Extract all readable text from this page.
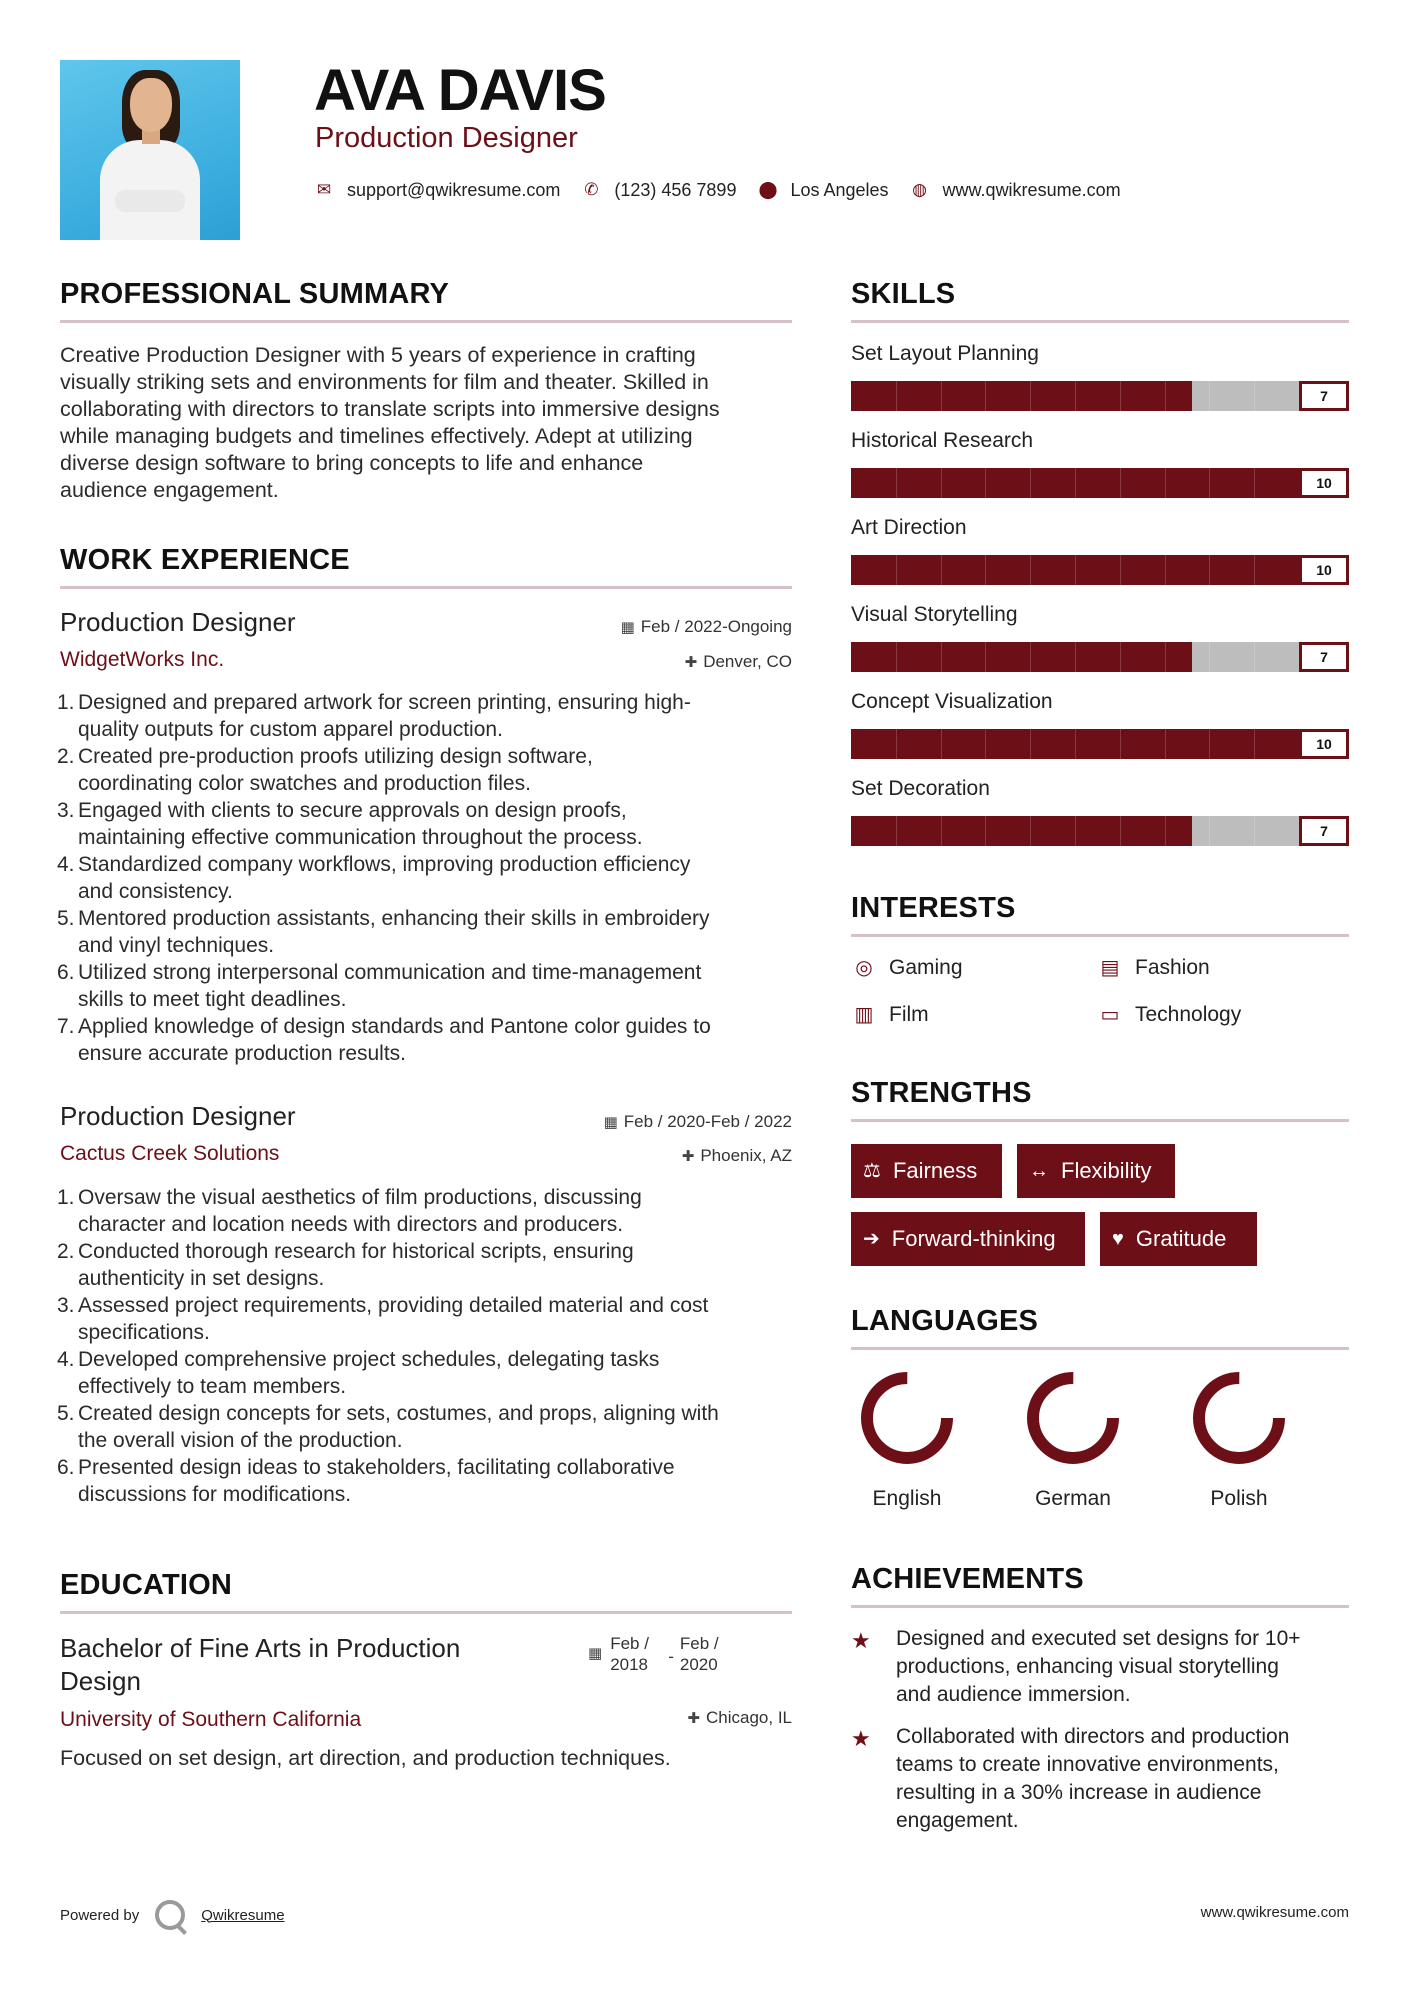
AVA DAVIS
Production Designer
✉ support@qwikresume.com ✆ (123) 456 7899 ⬤ Los Angeles ◍ www.qwikresume.com
PROFESSIONAL SUMMARY
Creative Production Designer with 5 years of experience in crafting
visually striking sets and environments for film and theater. Skilled in
collaborating with directors to translate scripts into immersive designs
while managing budgets and timelines effectively. Adept at utilizing
diverse design software to bring concepts to life and enhance
audience engagement.
WORK EXPERIENCE
Production Designer	▦ Feb / 2022-Ongoing
WidgetWorks Inc.	✚ Denver, CO
1. Designed and prepared artwork for screen printing, ensuring high-
quality outputs for custom apparel production.
2. Created pre-production proofs utilizing design software,
coordinating color swatches and production files.
3. Engaged with clients to secure approvals on design proofs,
maintaining effective communication throughout the process.
4. Standardized company workflows, improving production efficiency
and consistency.
5. Mentored production assistants, enhancing their skills in embroidery
and vinyl techniques.
6. Utilized strong interpersonal communication and time-management
skills to meet tight deadlines.
7. Applied knowledge of design standards and Pantone color guides to
ensure accurate production results.
Production Designer	▦ Feb / 2020-Feb / 2022
Cactus Creek Solutions	✚ Phoenix, AZ
1. Oversaw the visual aesthetics of film productions, discussing
character and location needs with directors and producers.
2. Conducted thorough research for historical scripts, ensuring
authenticity in set designs.
3. Assessed project requirements, providing detailed material and cost
specifications.
4. Developed comprehensive project schedules, delegating tasks
effectively to team members.
5. Created design concepts for sets, costumes, and props, aligning with
the overall vision of the production.
6. Presented design ideas to stakeholders, facilitating collaborative
discussions for modifications.
EDUCATION
Bachelor of Fine Arts in Production
Design
▦
Feb /
2018	-
Feb /
2020
University of Southern California	✚ Chicago, IL
Focused on set design, art direction, and production techniques.
SKILLS
Set Layout Planning
7
Historical Research
10
Art Direction
10
Visual Storytelling
7
Concept Visualization
10
Set Decoration
7
INTERESTS
◎ Gaming	▤ Fashion
▥ Film	▭ Technology
STRENGTHS
⚖ Fairness	↔ Flexibility
➔ Forward-thinking	♥ Gratitude
LANGUAGES
English	German	Polish
ACHIEVEMENTS
★ Designed and executed set designs for 10+
productions, enhancing visual storytelling
and audience immersion.
★ Collaborated with directors and production
teams to create innovative environments,
resulting in a 30% increase in audience
engagement.
Powered by	Qwikresume	www.qwikresume.com
